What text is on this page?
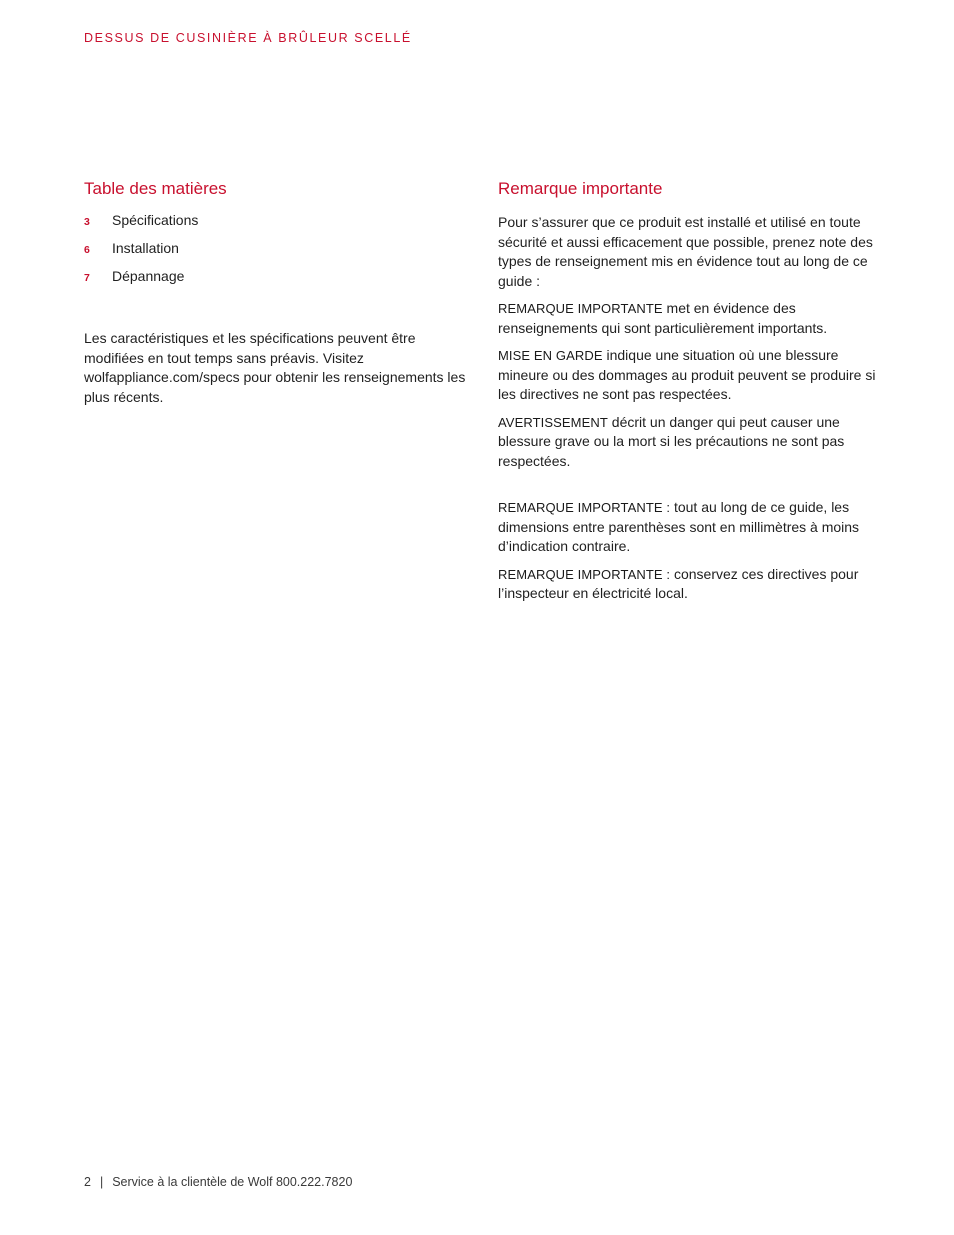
DESSUS DE CUSINIÈRE À BRÛLEUR SCELLÉ
Table des matières
3	Spécifications
6	Installation
7	Dépannage

Les caractéristiques et les spécifications peuvent être modifiées en tout temps sans préavis. Visitez wolfappliance.com/specs pour obtenir les renseignements les plus récents.

Remarque importante

Pour s’assurer que ce produit est installé et utilisé en toute sécurité et aussi efficacement que possible, prenez note des types de renseignement mis en évidence tout au long de ce guide :

REMARQUE IMPORTANTE met en évidence des renseignements qui sont particulièrement importants.

MISE EN GARDE indique une situation où une blessure mineure ou des dommages au produit peuvent se produire si les directives ne sont pas respectées.

AVERTISSEMENT décrit un danger qui peut causer une blessure grave ou la mort si les précautions ne sont pas respectées.

REMARQUE IMPORTANTE : tout au long de ce guide, les dimensions entre parenthèses sont en millimètres à moins d’indication contraire.

REMARQUE IMPORTANTE : conservez ces directives pour l’inspecteur en électricité local.

2 | Service à la clientèle de Wolf 800.222.7820
